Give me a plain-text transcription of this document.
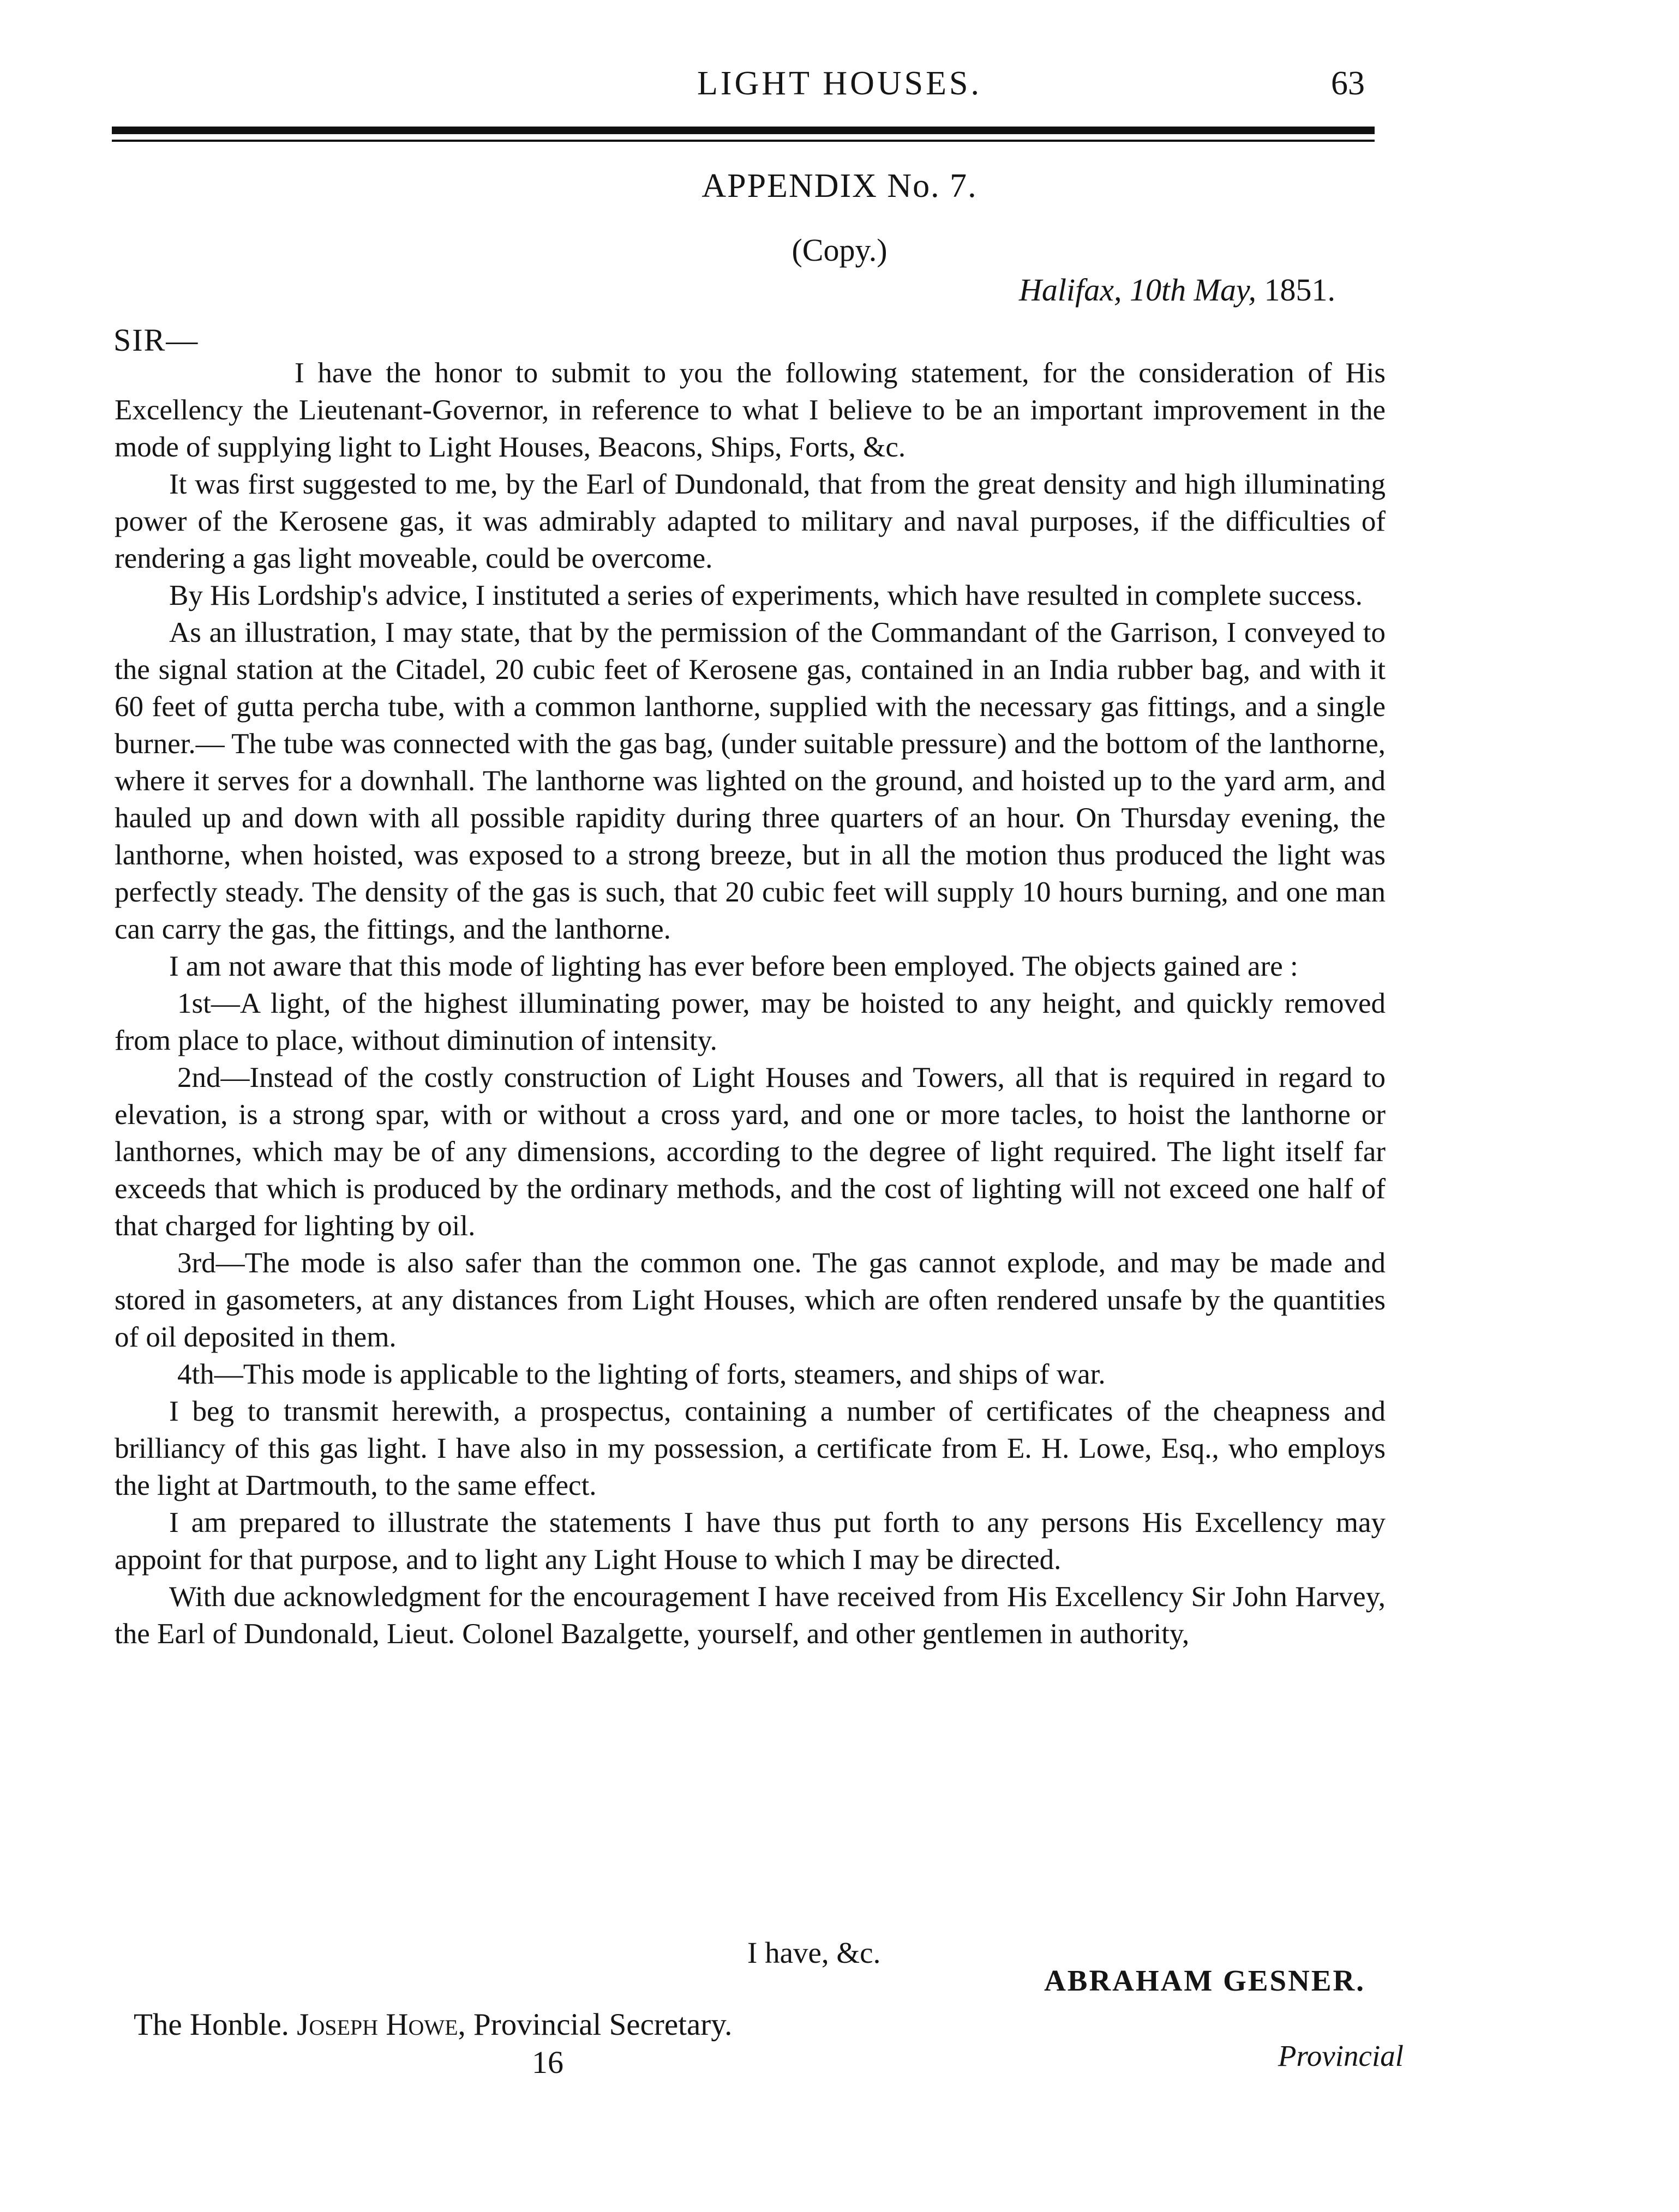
LIGHT HOUSES.	63
APPENDIX No. 7.
(Copy.)
Halifax, 10th May, 1851.
SIR—

I have the honor to submit to you the following statement, for the consideration of His Excellency the Lieutenant-Governor, in reference to what I believe to be an important improvement in the mode of supplying light to Light Houses, Beacons, Ships, Forts, &c.

It was first suggested to me, by the Earl of Dundonald, that from the great density and high illuminating power of the Kerosene gas, it was admirably adapted to military and naval purposes, if the difficulties of rendering a gas light moveable, could be overcome.

By His Lordship's advice, I instituted a series of experiments, which have resulted in complete success.

As an illustration, I may state, that by the permission of the Commandant of the Garrison, I conveyed to the signal station at the Citadel, 20 cubic feet of Kerosene gas, contained in an India rubber bag, and with it 60 feet of gutta percha tube, with a common lanthorne, supplied with the necessary gas fittings, and a single burner.— The tube was connected with the gas bag, (under suitable pressure) and the bottom of the lanthorne, where it serves for a downhall. The lanthorne was lighted on the ground, and hoisted up to the yard arm, and hauled up and down with all possible rapidity during three quarters of an hour. On Thursday evening, the lanthorne, when hoisted, was exposed to a strong breeze, but in all the motion thus produced the light was perfectly steady. The density of the gas is such, that 20 cubic feet will supply 10 hours burning, and one man can carry the gas, the fittings, and the lanthorne.

I am not aware that this mode of lighting has ever before been employed. The objects gained are :

1st—A light, of the highest illuminating power, may be hoisted to any height, and quickly removed from place to place, without diminution of intensity.

2nd—Instead of the costly construction of Light Houses and Towers, all that is required in regard to elevation, is a strong spar, with or without a cross yard, and one or more tacles, to hoist the lanthorne or lanthornes, which may be of any dimensions, according to the degree of light required. The light itself far exceeds that which is produced by the ordinary methods, and the cost of lighting will not exceed one half of that charged for lighting by oil.

3rd—The mode is also safer than the common one. The gas cannot explode, and may be made and stored in gasometers, at any distances from Light Houses, which are often rendered unsafe by the quantities of oil deposited in them.

4th—This mode is applicable to the lighting of forts, steamers, and ships of war.

I beg to transmit herewith, a prospectus, containing a number of certificates of the cheapness and brilliancy of this gas light. I have also in my possession, a certificate from E. H. Lowe, Esq., who employs the light at Dartmouth, to the same effect.

I am prepared to illustrate the statements I have thus put forth to any persons His Excellency may appoint for that purpose, and to light any Light House to which I may be directed.

With due acknowledgment for the encouragement I have received from His Excellency Sir John Harvey, the Earl of Dundonald, Lieut. Colonel Bazalgette, yourself, and other gentlemen in authority,

I have, &c.
ABRAHAM GESNER.
The Honble. Joseph Howe, Provincial Secretary.
16	Provincial
